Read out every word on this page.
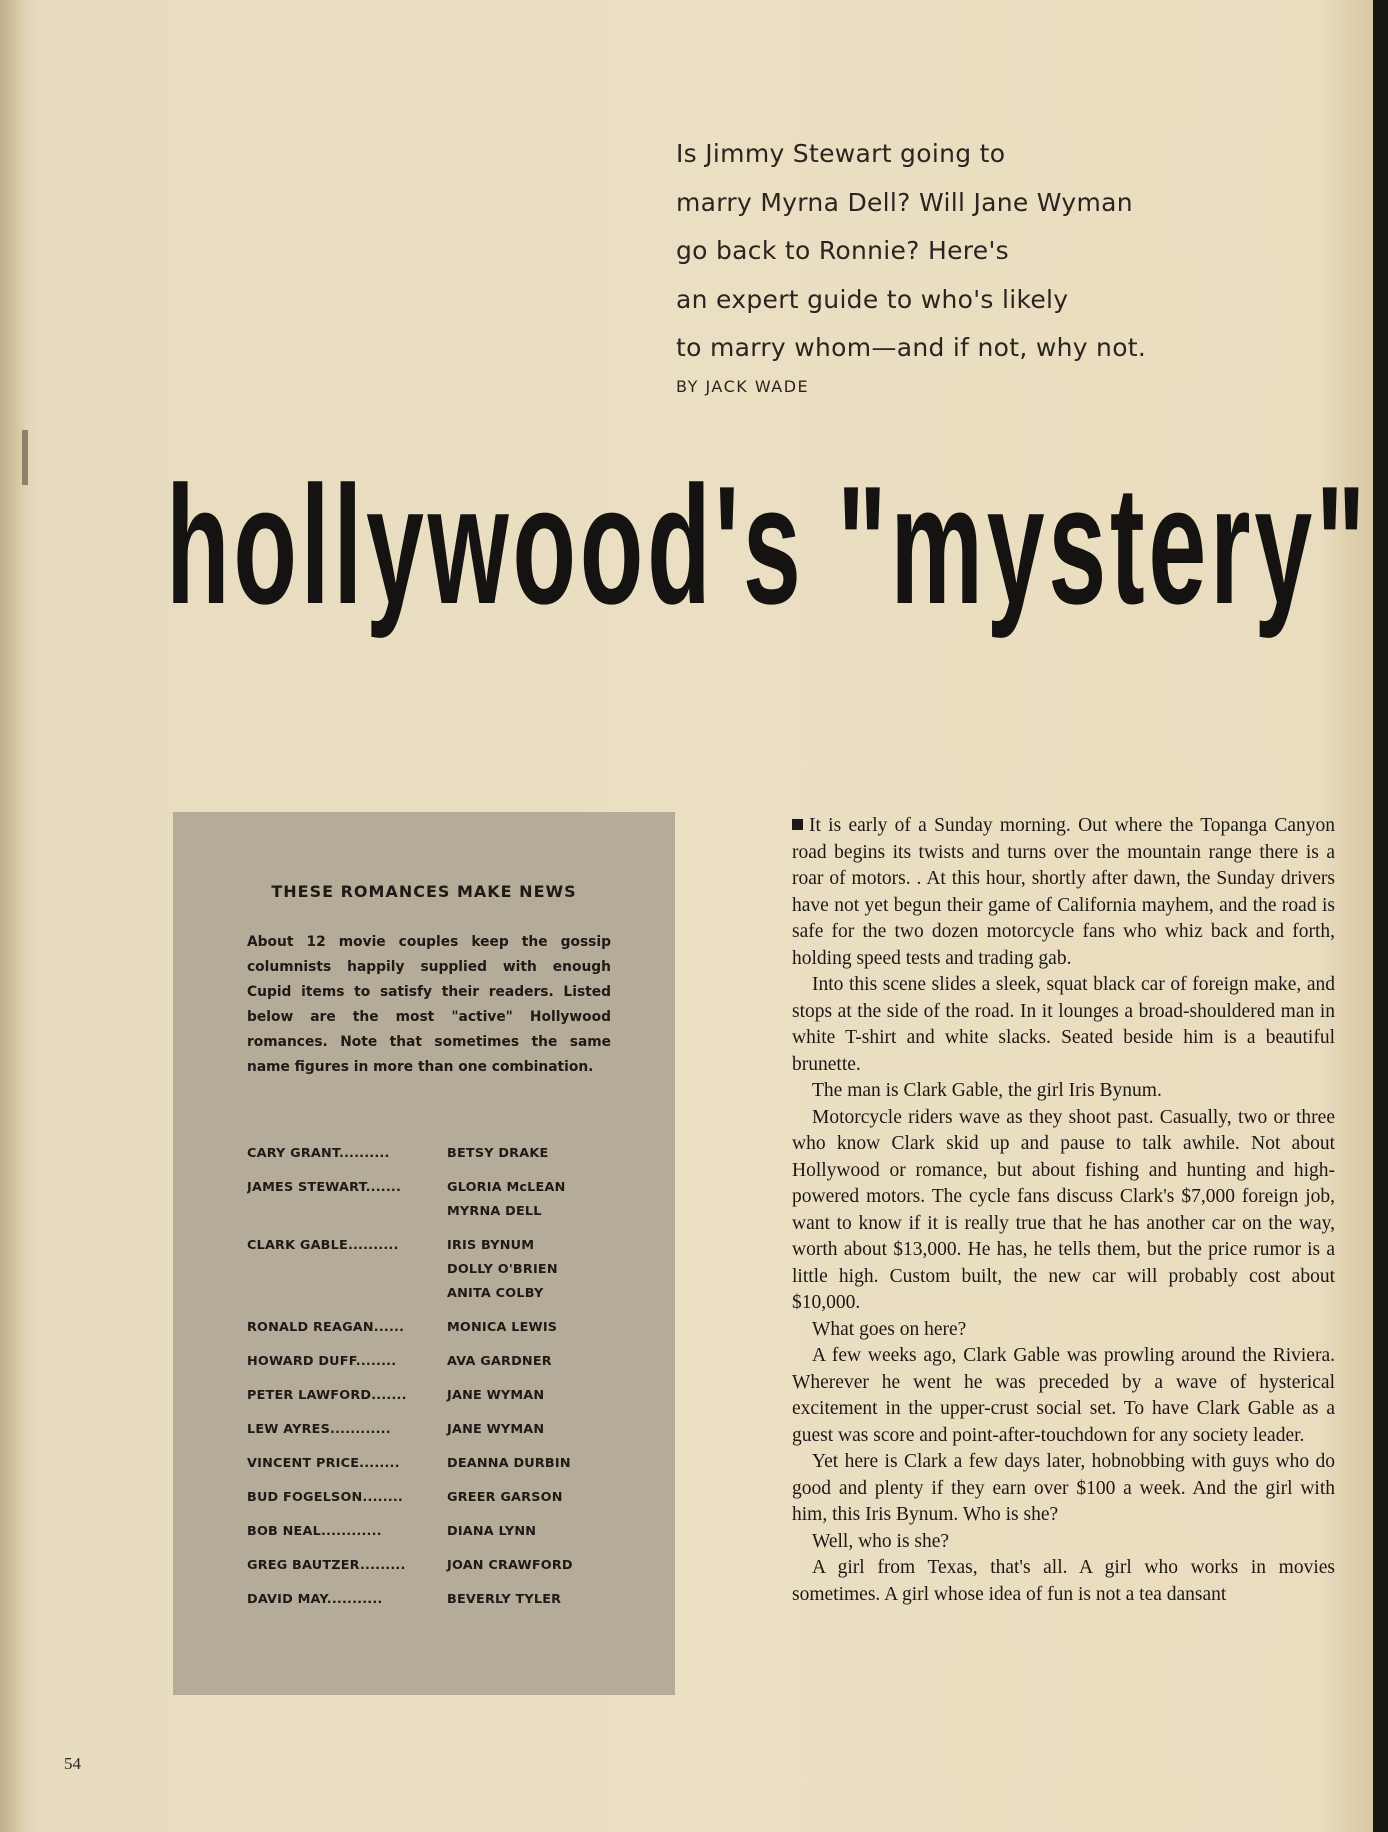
Is Jimmy Stewart going to
marry Myrna Dell? Will Jane Wyman
go back to Ronnie? Here's
an expert guide to who's likely
to marry whom—and if not, why not.
BY JACK WADE
hollywood's "mystery"
THESE ROMANCES MAKE NEWS
About 12 movie couples keep the gossip columnists happily supplied with enough Cupid items to satisfy their readers. Listed below are the most "active" Hollywood romances. Note that sometimes the same name figures in more than one combination.
CARY GRANT..........	BETSY DRAKE
JAMES STEWART.......	GLORIA McLEAN
MYRNA DELL
CLARK GABLE..........	IRIS BYNUM
DOLLY O'BRIEN
ANITA COLBY
RONALD REAGAN......	MONICA LEWIS
HOWARD DUFF........	AVA GARDNER
PETER LAWFORD.......	JANE WYMAN
LEW AYRES............	JANE WYMAN
VINCENT PRICE........	DEANNA DURBIN
BUD FOGELSON........	GREER GARSON
BOB NEAL............	DIANA LYNN
GREG BAUTZER.........	JOAN CRAWFORD
DAVID MAY...........	BEVERLY TYLER

It is early of a Sunday morning. Out where the Topanga Canyon road begins its twists and turns over the mountain range there is a roar of motors. . At this hour, shortly after dawn, the Sunday drivers have not yet begun their game of California mayhem, and the road is safe for the two dozen motorcycle fans who whiz back and forth, holding speed tests and trading gab.

Into this scene slides a sleek, squat black car of foreign make, and stops at the side of the road. In it lounges a broad-shouldered man in white T-shirt and white slacks. Seated beside him is a beautiful brunette.

The man is Clark Gable, the girl Iris Bynum.

Motorcycle riders wave as they shoot past. Casually, two or three who know Clark skid up and pause to talk awhile. Not about Hollywood or romance, but about fishing and hunting and high-powered motors. The cycle fans discuss Clark's $7,000 foreign job, want to know if it is really true that he has another car on the way, worth about $13,000. He has, he tells them, but the price rumor is a little high. Custom built, the new car will probably cost about $10,000.

What goes on here?

A few weeks ago, Clark Gable was prowling around the Riviera. Wherever he went he was preceded by a wave of hysterical excitement in the upper-crust social set. To have Clark Gable as a guest was score and point-after-touchdown for any society leader.

Yet here is Clark a few days later, hobnobbing with guys who do good and plenty if they earn over $100 a week. And the girl with him, this Iris Bynum. Who is she?

Well, who is she?

A girl from Texas, that's all. A girl who works in movies sometimes. A girl whose idea of fun is not a tea dansant

54
